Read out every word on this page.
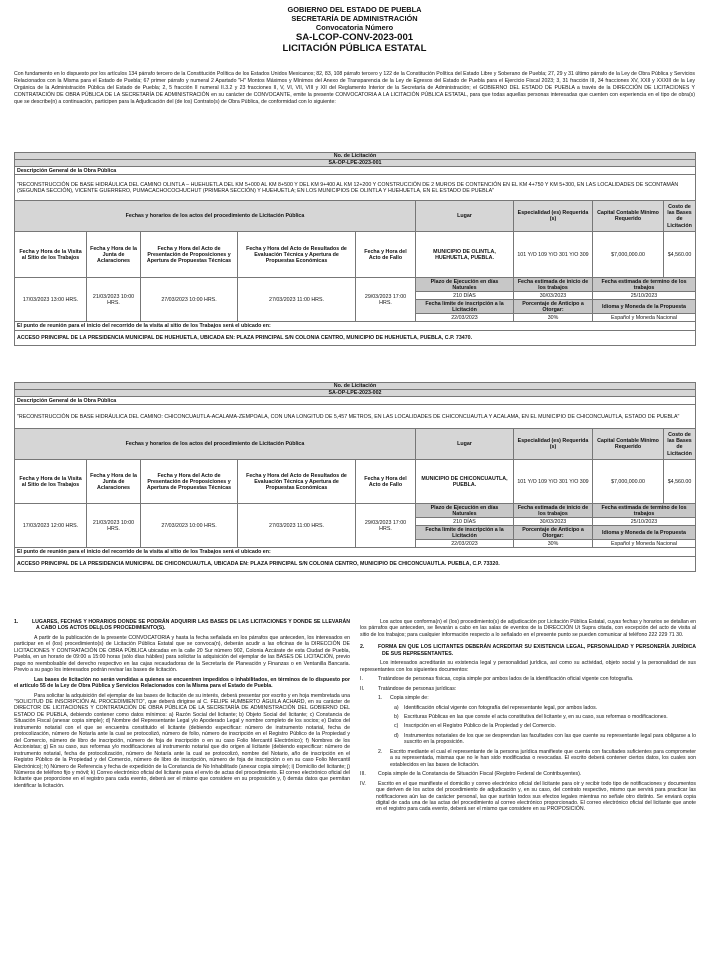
GOBIERNO DEL ESTADO DE PUEBLA
SECRETARÍA DE ADMINISTRACIÓN
Convocatoria Número
SA-LCOP-CONV-2023-001
LICITACIÓN PÚBLICA ESTATAL
Con fundamento en lo dispuesto por los artículos 134 párrafo tercero de la Constitución Política de los Estados Unidos Mexicanos; 82, 83, 108 párrafo tercero y 122 de la Constitución Política del Estado Libre y Soberano de Puebla; 27, 29 y 31 último párrafo de la Ley de Obra Pública y Servicios Relacionados con la Misma para el Estado de Puebla; 67 primer párrafo y numeral 2 Apartado "H" Montos Máximos y Mínimos del Anexo de Transparencia de la Ley de Egresos del Estado de Puebla para el Ejercicio Fiscal 2023; 3, 31 fracción III, 34 fracciones XV, XXII y XXXIII de la Ley Orgánica de la Administración Pública del Estado de Puebla; 2, 5 fracción II numeral II.3.2 y 23 fracciones II, V, VI, VII, VIII y XII del Reglamento Interior de la Secretaría de Administración; el GOBIERNO DEL ESTADO DE PUEBLA a través de la DIRECCIÓN DE LICITACIONES Y CONTRATACIÓN DE OBRA PÚBLICA DE LA SECRETARÍA DE ADMINISTRACIÓN en su carácter de CONVOCANTE, emite la presente CONVOCATORIA A LA LICITACIÓN PÚBLICA ESTATAL, para que todas aquellas personas interesadas que cuenten con experiencia en el tipo de obra(s) que se describe(n) a continuación, participen para la Adjudicación del (de los) Contrato(s) de Obra Pública, de conformidad con lo siguiente:
No. de Licitación								
SA-OP-LPE-2023-001								
Descripción General de la Obra Pública								
"RECONSTRUCCIÓN DE BASE HIDRÁULICA DEL CAMINO OLINTLA – HUEHUETLA DEL KM 5+000 AL KM 8+500 Y DEL KM 9+400 AL KM 12+200 Y CONSTRUCCIÓN DE 2 MUROS DE CONTENCIÓN EN EL KM 4+750 Y KM 5+300, EN LAS LOCALIDADES DE SCONTAMÁN (SEGUNDA SECCIÓN), VICENTE GUERRERO, PUMACACHOCOCHUCHUT (PRIMERA SECCIÓN) Y HUEHUETLA; EN LOS MUNICIPIOS DE OLINTLA Y HUEHUETLA, EN EL ESTADO DE PUEBLA"								
Fechas y horarios de los actos del procedimiento de Licitación Pública					Lugar	Especialidad (es) Requerida (s)	Capital Contable Mínimo Requerido	Costo de las Bases de Licitación
Fecha y Hora de la Visita al Sitio de los Trabajos	Fecha y Hora de la Junta de Aclaraciones	Fecha y Hora del Acto de Presentación de Proposiciones y Apertura de Propuestas Técnicas	Fecha y Hora del Acto de Resultados de Evaluación Técnica y Apertura de Propuestas Económicas	Fecha y Hora del Acto de Fallo	MUNICIPIO DE OLINTLA, HUEHUETLA, PUEBLA.	101 Y/O 109 Y/O 301 Y/O 309	$7,000,000.00	$4,560.00
17/03/2023 13:00 HRS.	21/03/2023 10:00 HRS.	27/03/2023 10:00 HRS.	27/03/2023 11:00 HRS.	29/03/2023 17:00 HRS.	Plazo de Ejecución en días Naturales	Fecha estimada de inicio de los trabajos	Fecha estimada de termino de los trabajos	
					210 DÍAS	30/03/2023	25/10/2023	
					Fecha límite de inscripción a la Licitación	Porcentaje de Anticipo a Otorgar:	Idioma y Moneda de la Propuesta	
					22/03/2023	30%	Español y Moneda Nacional	
El punto de reunión para el inicio del recorrido de la visita al sitio de los Trabajos será el ubicado en:								
ACCESO PRINCIPAL DE LA PRESIDENCIA MUNICIPAL DE HUEHUETLA, UBICADA EN: PLAZA PRINCIPAL S/N COLONIA CENTRO, MUNICIPIO DE HUEHUETLA, PUEBLA, C.P. 73470.								
No. de Licitación								
SA-OP-LPE-2023-002								
Descripción General de la Obra Pública								
"RECONSTRUCCIÓN DE BASE HIDRÁULICA DEL CAMINO: CHICONCUAUTLA-ACALAMA-ZEMPOALA, CON UNA LONGITUD DE 5,457 METROS, EN LAS LOCALIDADES DE CHICONCUAUTLA Y ACALAMA, EN EL MUNICIPIO DE CHICONCUAUTLA, ESTADO DE PUEBLA"								
Fechas y horarios de los actos del procedimiento de Licitación Pública					Lugar	Especialidad (es) Requerida (s)	Capital Contable Mínimo Requerido	Costo de las Bases de Licitación
Fecha y Hora de la Visita al Sitio de los Trabajos	Fecha y Hora de la Junta de Aclaraciones	Fecha y Hora del Acto de Presentación de Proposiciones y Apertura de Propuestas Técnicas	Fecha y Hora del Acto de Resultados de Evaluación Técnica y Apertura de Propuestas Económicas	Fecha y Hora del Acto de Fallo	MUNICIPIO DE CHICONCUAUTLA, PUEBLA.	101 Y/O 109 Y/O 301 Y/O 309	$7,000,000.00	$4,560.00
17/03/2023 12:00 HRS.	21/03/2023 10:00 HRS.	27/03/2023 10:00 HRS.	27/03/2023 11:00 HRS.	29/03/2023 17:00 HRS.	Plazo de Ejecución en días Naturales	Fecha estimada de inicio de los trabajos	Fecha estimada de termino de los trabajos	
					210 DÍAS	30/03/2023	25/10/2023	
					Fecha límite de inscripción a la Licitación	Porcentaje de Anticipo a Otorgar:	Idioma y Moneda de la Propuesta	
					22/03/2023	30%	Español y Moneda Nacional	
El punto de reunión para el inicio del recorrido de la visita al sitio de los Trabajos será el ubicado en:								
ACCESO PRINCIPAL DE LA PRESIDENCIA MUNICIPAL DE CHICONCUAUTLA, UBICADA EN: PLAZA PRINCIPAL S/N COLONIA CENTRO, MUNICIPIO DE CHICONCUAUTLA. PUEBLA, C.P. 73320.								

1.	LUGARES, FECHAS Y HORARIOS DONDE SE PODRÁN ADQUIRIR LAS BASES DE LAS LICITACIONES Y DONDE SE LLEVARÁN A CABO LOS ACTOS DEL(LOS PROCEDIMIENTO(S).

A partir de la publicación de la presente CONVOCATORIA y hasta la fecha señalada en los párrafos que anteceden, los interesados en participar en el (los) procedimiento(s) de Licitación Pública Estatal que se convoca(n), deberán acudir a las oficinas de la DIRECCIÓN DE LICITACIONES Y CONTRATACIÓN DE OBRA PÚBLICA ubicadas en la calle 20 Sur número 902, Colonia Azcárate de esta Ciudad de Puebla, Puebla, en un horario de 09:00 a 15:00 horas (sólo días hábiles) para solicitar la adquisición del ejemplar de las BASES DE LICITACIÓN, previo pago no reembolsable del derecho respectivo en las cajas recaudadoras de la Secretaría de Planeación y Finanzas o en Ventanilla Bancaria. Previo a su pago los interesados podrán revisar las bases de licitación.

Las bases de licitación no serán vendidas a quienes se encuentren impedidos o inhabilitados, en términos de lo dispuesto por el artículo 55 de la Ley de Obra Pública y Servicios Relacionados con la Misma para el Estado de Puebla.

Para solicitar la adquisición del ejemplar de las bases de licitación de su interés, deberá presentar por escrito y en hoja membretada una "SOLICITUD DE INSCRIPCIÓN AL PROCEDIMIENTO", que deberá dirigirse al C. FELIPE HUMBERTO ÁGUILA ACHARD, en su carácter de DIRECTOR DE LICITACIONES Y CONTRATACIÓN DE OBRA PÚBLICA DE LA SECRETARÍA DE ADMINISTRACIÓN DEL GOBIERNO DEL ESTADO DE PUEBLA, debiendo contener como datos mínimos: a) Razón Social del licitante; b) Objeto Social del licitante; c) Constancia de Situación Fiscal (anexar copia simple); d) Nombre del Representante Legal y/o Apoderado Legal y nombre completo de los socios; e) Datos del instrumento notarial con el que se encuentra constituido el licitante (debiendo especificar: número de instrumento notarial, fecha de protocolización, número de Notaría ante la cual se protocolizó, número de folio, número de inscripción en el Registro Público de la Propiedad y del Comercio, número de libro de inscripción, número de foja de inscripción o en su caso Folio Mercantil Electrónico); f) Nombres de los Accionistas; g) En su caso, sus reformas y/o modificaciones al instrumento notarial que dio origen al licitante (debiendo especificar: número de instrumento notarial, fecha de protocolización, número de Notaría ante la cual se protocolizó, nombre del Notario, año de inscripción en el Registro Público de la Propiedad y del Comercio, número de libro de inscripción, número de foja de inscripción o en su caso Folio Mercantil Electrónico); h) Número de Referencia y fecha de expedición de la Constancia de No Inhabilitado (anexar copia simple); i) Domicilio del licitante; j) Números de teléfono fijo y móvil; k) Correo electrónico oficial del licitante para el envío de actas del procedimiento. El correo electrónico oficial del licitante que proporcione en el registro para cada evento, deberá ser el mismo que considere en su proposición y, l) demás datos que permitan identificar la licitación.

Los actos que conforma(n) el (los) procedimiento(s) de adjudicación por Licitación Pública Estatal, cuyas fechas y horarios se detallan en los párrafos que anteceden, se llevarán a cabo en las salas de eventos de la DIRECCIÓN Ut Supra citada, con excepción del acto de visita al sitio de los trabajos; para cualquier información respecto a lo señalado en el presente punto se pueden comunicar al teléfono 222 229 71 30.

2.	FORMA EN QUE LOS LICITANTES DEBERÁN ACREDITAR SU EXISTENCIA LEGAL, PERSONALIDAD Y PERSONERÍA JURÍDICA DE SUS REPRESENTANTES.

Los interesados acreditarán su existencia legal y personalidad jurídica, así como su actividad, objeto social y la personalidad de sus representantes con los siguientes documentos:

I.	Tratándose de personas físicas, copia simple por ambos lados de la identificación oficial vigente con fotografía.

II.	Tratándose de personas jurídicas:

1. Copia simple de:

a) Identificación oficial vigente con fotografía del representante legal, por ambos lados.

b) Escrituras Públicas en las que conste el acta constitutiva del licitante y, en su caso, sus reformas o modificaciones.

c) Inscripción en el Registro Público de la Propiedad y del Comercio.

d) Instrumentos notariales de los que se desprendan las facultades con las que cuente su representante legal para obligarse a lo suscrito en la proposición.

2. Escrito mediante el cual el representante de la persona jurídica manifieste que cuenta con facultades suficientes para comprometer a su representada, mismas que no le han sido modificadas o revocadas. El escrito deberá contener ciertos datos, los cuales son establecidos en las bases de licitación.

III. Copia simple de la Constancia de Situación Fiscal (Registro Federal de Contribuyentes).

IV. Escrito en el que manifieste el domicilio y correo electrónico oficial del licitante para oír y recibir todo tipo de notificaciones y documentos que deriven de los actos del procedimiento de adjudicación y, en su caso, del contrato respectivo, mismo que servirá para practicar las notificaciones aún las de carácter personal, las que surtirán todos sus efectos legales mientras no señale otro distinto. Se enviará copia digital de cada una de las actas del procedimiento al correo electrónico proporcionado. El correo electrónico oficial del licitante que anote en el registro para cada evento, deberá ser el mismo que considere en su PROPOSICIÓN.
